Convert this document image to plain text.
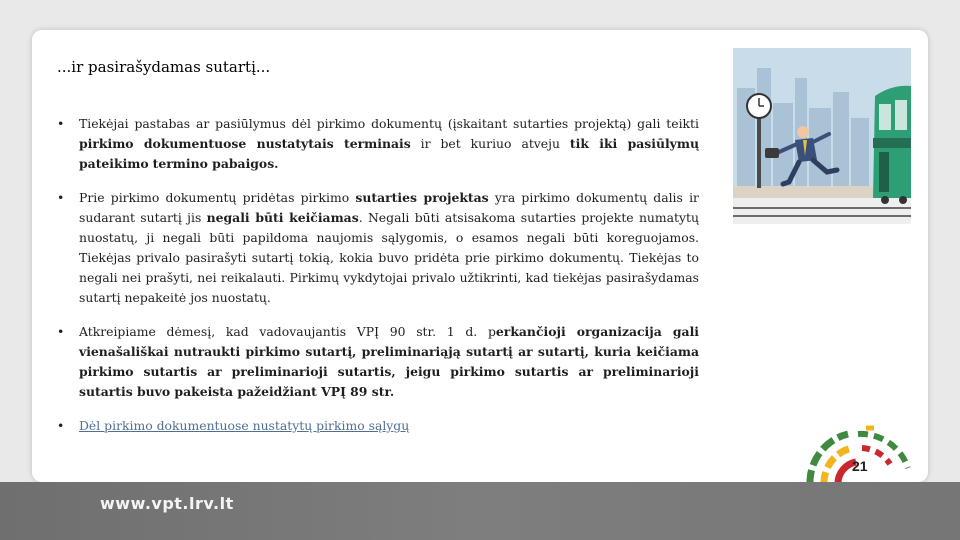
...ir pasirašydamas sutartį...
•	Tiekėjai pastabas ar pasiūlymus dėl pirkimo dokumentų (įskaitant sutarties projektą) gali teikti pirkimo dokumentuose nustatytais terminais ir bet kuriuo atveju tik iki pasiūlymų pateikimo termino pabaigos.
•	Prie pirkimo dokumentų pridėtas pirkimo sutarties projektas yra pirkimo dokumentų dalis ir sudarant sutartį jis negali būti keičiamas. Negali būti atsisakoma sutarties projekte numatytų nuostatų, ji negali būti papildoma naujomis sąlygomis, o esamos negali būti koreguojamos. Tiekėjas privalo pasirašyti sutartį tokią, kokia buvo pridėta prie pirkimo dokumentų. Tiekėjas to negali nei prašyti, nei reikalauti. Pirkimų vykdytojai privalo užtikrinti, kad tiekėjas pasirašydamas sutartį nepakeitė jos nuostatų.
•	Atkreipiame dėmesį, kad vadovaujantis VPĮ 90 str. 1 d. perkančioji organizacija gali vienašališkai nutraukti pirkimo sutartį, preliminariąją sutartį ar sutartį, kuria keičiama pirkimo sutartis ar preliminarioji sutartis, jeigu pirkimo sutartis ar preliminarioji sutartis buvo pakeista pažeidžiant VPĮ 89 str.
•	Dėl pirkimo dokumentuose nustatytų pirkimo sąlygų
21
www.vpt.lrv.lt
